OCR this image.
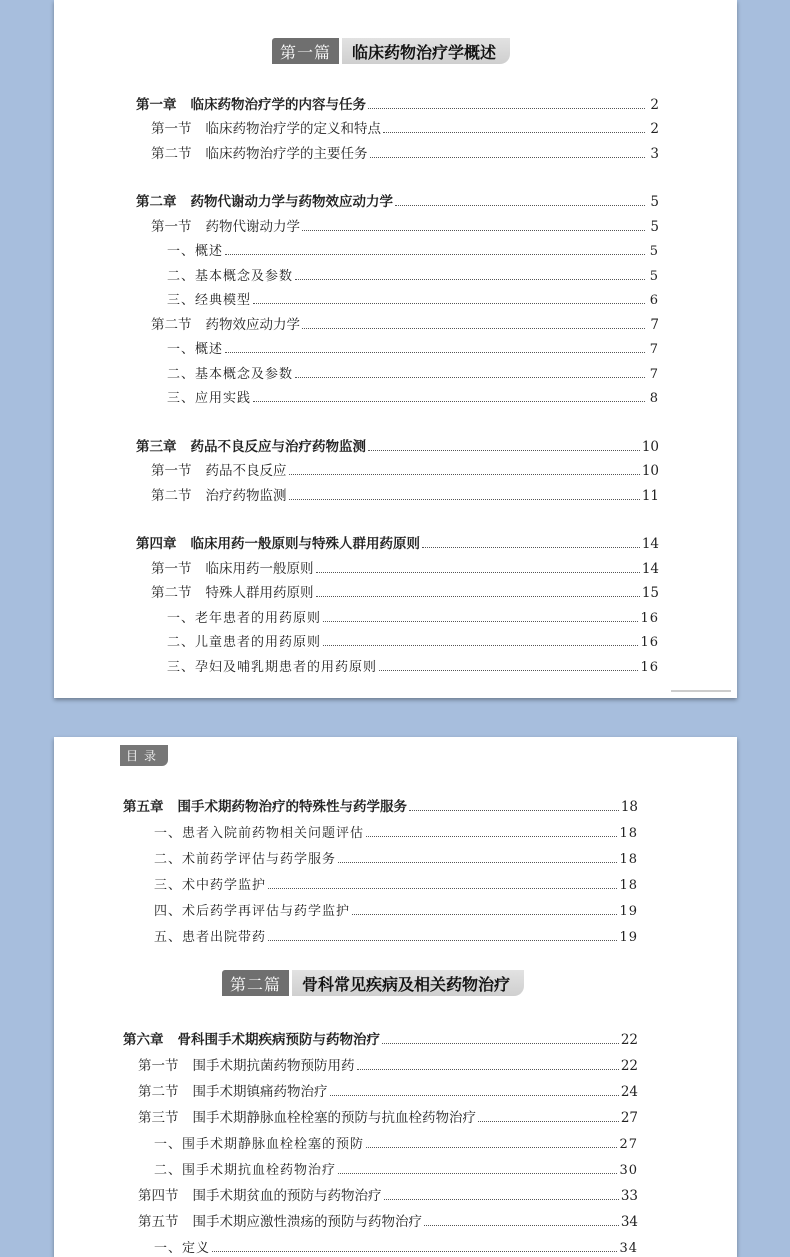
第一篇	临床药物治疗学概述
第一章 临床药物治疗学的内容与任务	2
第一节 临床药物治疗学的定义和特点	2
第二节 临床药物治疗学的主要任务	3
第二章 药物代谢动力学与药物效应动力学	5
第一节 药物代谢动力学	5
一、概述	5
二、基本概念及参数	5
三、经典模型	6
第二节 药物效应动力学	7
一、概述	7
二、基本概念及参数	7
三、应用实践	8
第三章 药品不良反应与治疗药物监测	10
第一节 药品不良反应	10
第二节 治疗药物监测	11
第四章 临床用药一般原则与特殊人群用药原则	14
第一节 临床用药一般原则	14
第二节 特殊人群用药原则	15
一、老年患者的用药原则	16
二、儿童患者的用药原则	16
三、孕妇及哺乳期患者的用药原则	16
目录
第五章 围手术期药物治疗的特殊性与药学服务	18
一、患者入院前药物相关问题评估	18
二、术前药学评估与药学服务	18
三、术中药学监护	18
四、术后药学再评估与药学监护	19
五、患者出院带药	19
第二篇	骨科常见疾病及相关药物治疗
第六章 骨科围手术期疾病预防与药物治疗	22
第一节 围手术期抗菌药物预防用药	22
第二节 围手术期镇痛药物治疗	24
第三节 围手术期静脉血栓栓塞的预防与抗血栓药物治疗	27
一、围手术期静脉血栓栓塞的预防	27
二、围手术期抗血栓药物治疗	30
第四节 围手术期贫血的预防与药物治疗	33
第五节 围手术期应激性溃疡的预防与药物治疗	34
一、定义	34
